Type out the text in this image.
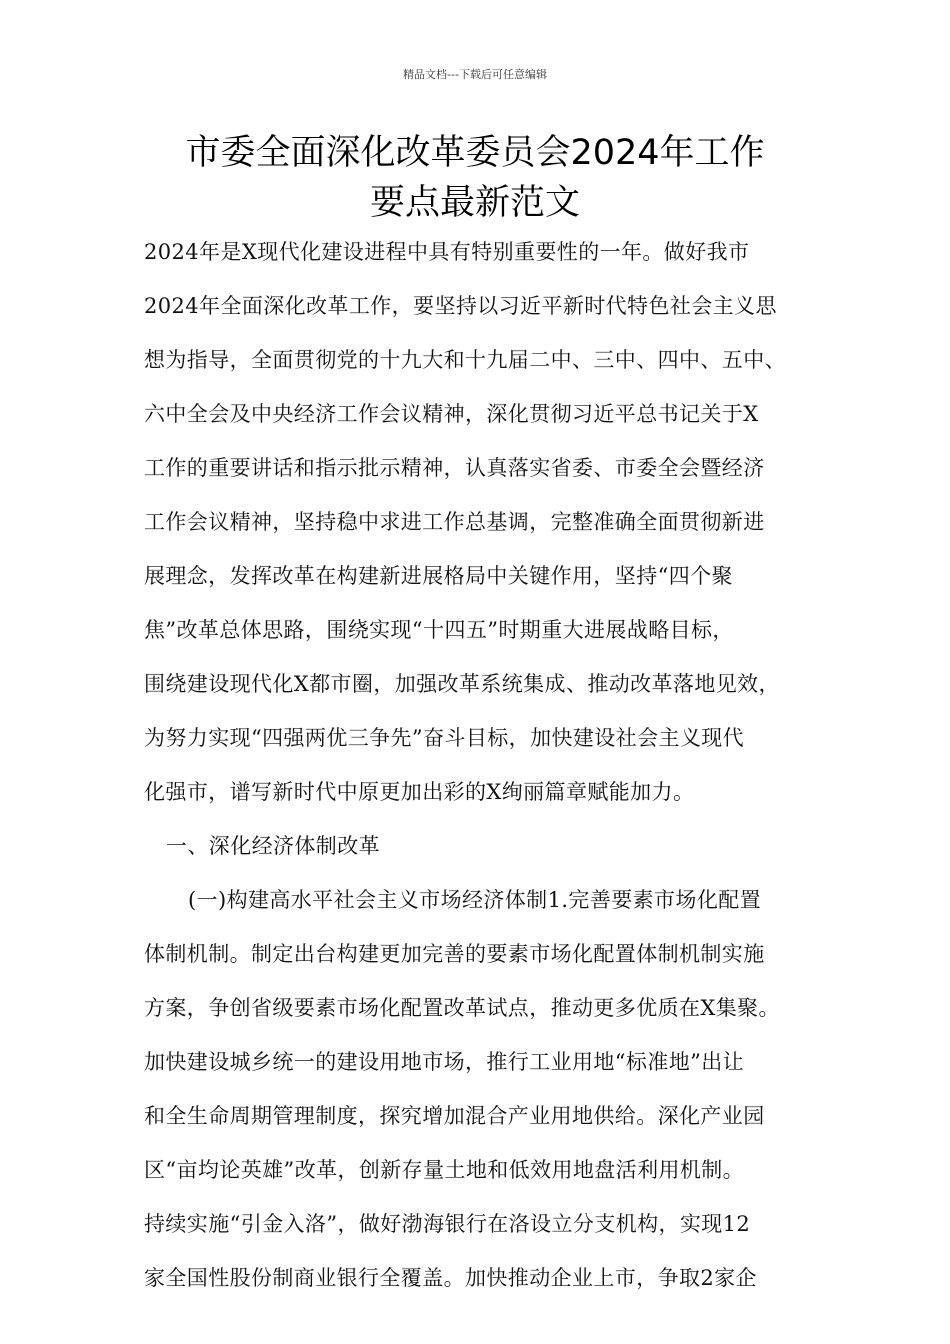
精品文档---下载后可任意编辑
市委全面深化改革委员会2024年工作
要点最新范文
2024年是X现代化建设进程中具有特别重要性的一年。做好我市
2024年全面深化改革工作，要坚持以习近平新时代特色社会主义思
想为指导，全面贯彻党的十九大和十九届二中、三中、四中、五中、
六中全会及中央经济工作会议精神，深化贯彻习近平总书记关于X
工作的重要讲话和指示批示精神，认真落实省委、市委全会暨经济
工作会议精神，坚持稳中求进工作总基调，完整准确全面贯彻新进
展理念，发挥改革在构建新进展格局中关键作用，坚持“四个聚
焦”改革总体思路，围绕实现“十四五”时期重大进展战略目标，
围绕建设现代化X都市圈，加强改革系统集成、推动改革落地见效，
为努力实现“四强两优三争先”奋斗目标，加快建设社会主义现代
化强市，谱写新时代中原更加出彩的X绚丽篇章赋能加力。
一、深化经济体制改革
(一)构建高水平社会主义市场经济体制1.完善要素市场化配置
体制机制。制定出台构建更加完善的要素市场化配置体制机制实施
方案，争创省级要素市场化配置改革试点，推动更多优质在X集聚。
加快建设城乡统一的建设用地市场，推行工业用地“标准地”出让
和全生命周期管理制度，探究增加混合产业用地供给。深化产业园
区“亩均论英雄”改革，创新存量土地和低效用地盘活利用机制。
持续实施“引金入洛”，做好渤海银行在洛设立分支机构，实现12
家全国性股份制商业银行全覆盖。加快推动企业上市，争取2家企
